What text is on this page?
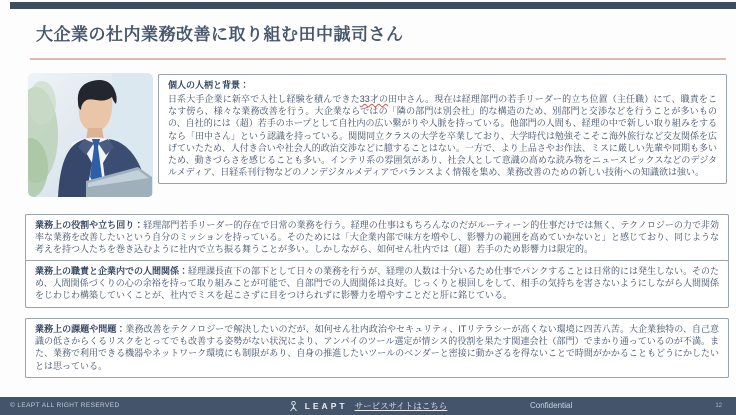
大企業の社内業務改善に取り組む田中誠司さん
個人の人柄と背景：
日系大手企業に新卒で入社し経験を積んできた33才の田中さん。現在は経理部門の若手リーダー的立ち位置（主任職）にて、職責をこなす傍ら、様々な業務改善を行う。大企業ならではの「隣の部門は別会社」的な構造のため、別部門と交渉などを行うことが多いものの、自社的には（超）若手のホープとして自社内の広い繋がりや人脈を持っている。他部門の人間も、経理の中で新しい取り組みをするなら「田中さん」という認識を持っている。関関同立クラスの大学を卒業しており、大学時代は勉強そこそこ海外旅行など交友関係を広げていたため、人付き合いや社会人的政治交渉などに臆することはない。一方で、より上品さやお作法、ミスに厳しい先輩や同期も多いため、動きづらさを感じることも多い。インテリ系の雰囲気があり、社会人として意識の高めな読み物をニュースピックスなどのデジタルメディア、日経系刊行物などのノンデジタルメディアでバランスよく情報を集め、業務改善のための新しい技術への知識欲は強い。
業務上の役割や立ち回り：経理部門若手リーダー的存在で日常の業務を行う。経理の仕事はもちろんなのだがルーティーン的仕事だけでは無く、テクノロジーの力で非効率な業務を改善したいという自分のミッションを持っている。そのためには「大企業内部で味方を増やし、影響力の範囲を高めていかないと」と感じており、同じような考えを持つ人たちを巻き込むように社内で立ち振る舞うことが多い。しかしながら、如何せん社内では（超）若手のため影響力は限定的。
業務上の職責と企業内での人間関係：経理課長直下の部下として日々の業務を行うが、経理の人数は十分いるため仕事でパンクすることは日常的には発生しない。そのため、人間関係づくりの心の余裕を持って取り組みことが可能で、自部門での人間関係は良好。じっくりと根回しをして、相手の気持ちを害さないようにしながら人間関係をじわじわ構築していくことが、社内でミスを起こさずに目をつけられずに影響力を増やすことだと肝に銘じている。
業務上の課題や問題：業務改善をテクノロジーで解決したいのだが、如何せん社内政治やセキュリティ、ITリテラシーが高くない環境に四苦八苦。大企業独特の、自己意識の低さからくるリスクをとってでも改善する姿勢がない状況により、アンパイのツール選定が情シス的役割を果たす関連会社（部門）でまかり通っているのが不満。また、業務で利用できる機器やネットワーク環境にも制限があり、自身の推進したいツールのベンダーと密接に動かざるを得ないことで時間がかかることもどうにかしたいとは思っている。
© LEAPT ALL RIGHT RESERVED	LEAPT サービスサイトはこちら	Confidential	12
